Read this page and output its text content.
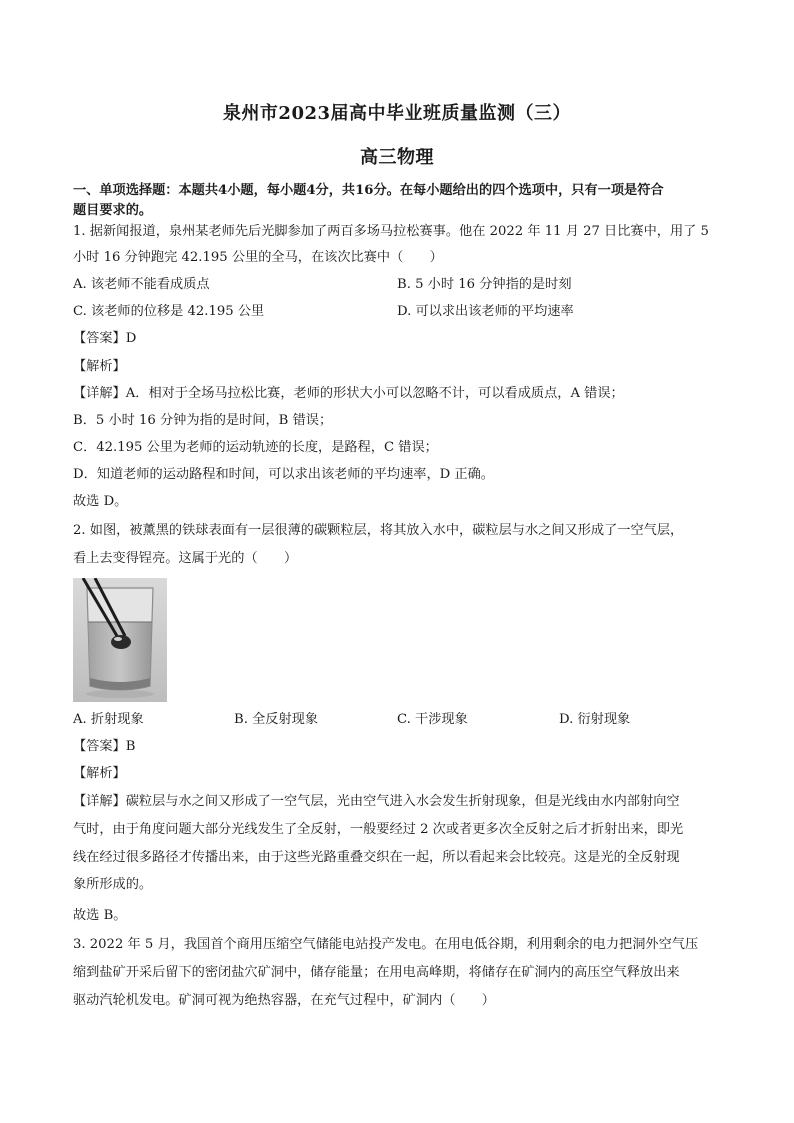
泉州市2023届高中毕业班质量监测（三）
高三物理
一、单项选择题：本题共4小题，每小题4分，共16分。在每小题给出的四个选项中，只有一项是符合
题目要求的。
1. 据新闻报道，泉州某老师先后光脚参加了两百多场马拉松赛事。他在 2022 年 11 月 27 日比赛中，用了 5
小时 16 分钟跑完 42.195 公里的全马，在该次比赛中（　　）
A. 该老师不能看成质点	B. 5 小时 16 分钟指的是时刻
C. 该老师的位移是 42.195 公里	D. 可以求出该老师的平均速率
【答案】D
【解析】
【详解】A．相对于全场马拉松比赛，老师的形状大小可以忽略不计，可以看成质点，A 错误；
B．5 小时 16 分钟为指的是时间，B 错误；
C．42.195 公里为老师的运动轨迹的长度，是路程，C 错误；
D．知道老师的运动路程和时间，可以求出该老师的平均速率，D 正确。
故选 D。
2. 如图，被薰黑的铁球表面有一层很薄的碳颗粒层，将其放入水中，碳粒层与水之间又形成了一空气层，
看上去变得锃亮。这属于光的（　　）
A. 折射现象	B. 全反射现象	C. 干涉现象	D. 衍射现象
【答案】B
【解析】
【详解】碳粒层与水之间又形成了一空气层，光由空气进入水会发生折射现象，但是光线由水内部射向空
气时，由于角度问题大部分光线发生了全反射，一般要经过 2 次或者更多次全反射之后才折射出来，即光
线在经过很多路径才传播出来，由于这些光路重叠交织在一起，所以看起来会比较亮。这是光的全反射现
象所形成的。
故选 B。
3. 2022 年 5 月，我国首个商用压缩空气储能电站投产发电。在用电低谷期，利用剩余的电力把洞外空气压
缩到盐矿开采后留下的密闭盐穴矿洞中，储存能量；在用电高峰期，将储存在矿洞内的高压空气释放出来
驱动汽轮机发电。矿洞可视为绝热容器，在充气过程中，矿洞内（　　）
